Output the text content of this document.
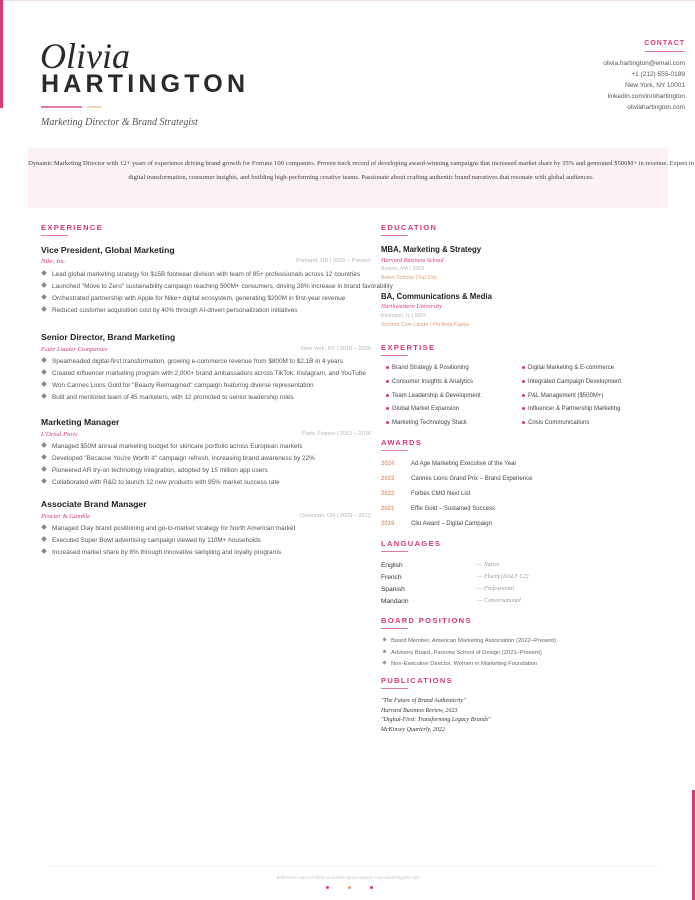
Olivia
HARTINGTON
Marketing Director & Brand Strategist
CONTACT
olivia.hartington@email.com
+1 (212) 555-0189
New York, NY 10001
linkedin.com/in/ohartington
oliviahartington.com

Dynamic Marketing Director with 12+ years of experience driving brand growth for Fortune 100 companies. Proven track record of developing award-winning campaigns that increased market share by 35% and generated $500M+ in revenue. Expert in digital transformation, consumer insights, and building high-performing creative teams. Passionate about crafting authentic brand narratives that resonate with global audiences.

EXPERIENCE
Vice President, Global Marketing
Nike, Inc.	Portland, OR | 2020 – Present
Lead global marketing strategy for $15B footwear division with team of 85+ professionals across 12 countries
Launched "Move to Zero" sustainability campaign reaching 500M+ consumers, driving 28% increase in brand favorability
Orchestrated partnership with Apple for Nike+ digital ecosystem, generating $200M in first-year revenue
Reduced customer acquisition cost by 40% through AI-driven personalization initiatives
Senior Director, Brand Marketing
Estée Lauder Companies	New York, NY | 2016 – 2020
Spearheaded digital-first transformation, growing e-commerce revenue from $800M to $2.1B in 4 years
Created influencer marketing program with 2,000+ brand ambassadors across TikTok, Instagram, and YouTube
Won Cannes Lions Gold for "Beauty Reimagined" campaign featuring diverse representation
Built and mentored team of 45 marketers, with 12 promoted to senior leadership roles
Marketing Manager
L'Oréal Paris	Paris, France | 2012 – 2016
Managed $50M annual marketing budget for skincare portfolio across European markets
Developed "Because You're Worth It" campaign refresh, increasing brand awareness by 22%
Pioneered AR try-on technology integration, adopted by 15 million app users
Collaborated with R&D to launch 12 new products with 95% market success rate
Associate Brand Manager
Procter & Gamble	Cincinnati, OH | 2009 – 2012
Managed Olay brand positioning and go-to-market strategy for North American market
Executed Super Bowl advertising campaign viewed by 110M+ households
Increased market share by 8% through innovative sampling and loyalty programs
EDUCATION
MBA, Marketing & Strategy
Harvard Business School
Boston, MA | 2009
Baker Scholar (Top 5%)
BA, Communications & Media
Northwestern University
Evanston, IL | 2007
Summa Cum Laude | Phi Beta Kappa
EXPERTISE
Brand Strategy & Positioning
Consumer Insights & Analytics
Team Leadership & Development
Global Market Expansion
Marketing Technology Stack
Digital Marketing & E-commerce
Integrated Campaign Development
P&L Management ($500M+)
Influencer & Partnership Marketing
Crisis Communications
AWARDS
2024	Ad Age Marketing Executive of the Year
2023	Cannes Lions Grand Prix – Brand Experience
2022	Forbes CMO Next List
2021	Effie Gold – Sustained Success
2019	Clio Award – Digital Campaign
LANGUAGES
English	— Native
French	— Fluent (DALF C2)
Spanish	— Professional
Mandarin	— Conversational
BOARD POSITIONS
Board Member, American Marketing Association (2022–Present)
Advisory Board, Parsons School of Design (2021–Present)
Non-Executive Director, Women in Marketing Foundation
PUBLICATIONS
"The Future of Brand Authenticity"
Harvard Business Review, 2023
"Digital-First: Transforming Legacy Brands"
McKinsey Quarterly, 2022
References and portfolio available upon request • oliviahartington.com
